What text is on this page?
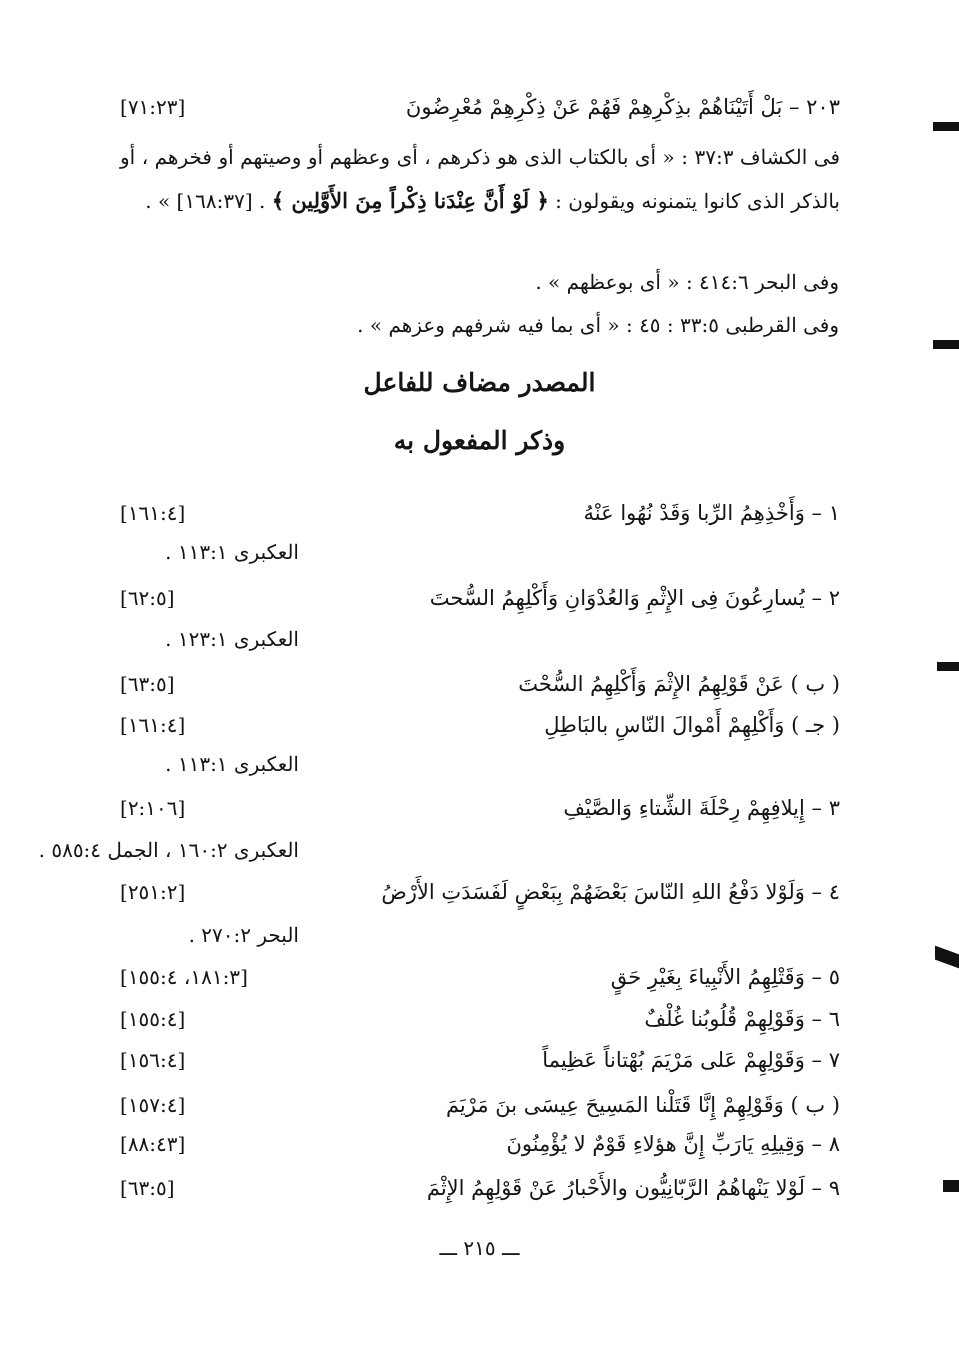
٢٠٣ – بَلْ أَتَيْنَاهُمْ بذِكْرِهِمْ فَهُمْ عَنْ ذِكْرِهِمْ مُعْرِضُونَ
[٧١:٢٣]
فى الكشاف ٣٧:٣ : « أى بالكتاب الذى هو ذكرهم ، أى وعظهم أو وصيتهم أو فخرهم ، أو بالذكر الذى كانوا يتمنونه ويقولون : ﴿ لَوْ أَنَّ عِنْدَنا ذِكْراً مِنَ الأَوَّلِين ﴾ . [١٦٨:٣٧] » .
وفى البحر ٤١٤:٦ : « أى بوعظهم » .
وفى القرطبى ٣٣:٥ : ٤٥ : « أى بما فيه شرفهم وعزهم » .
المصدر مضاف للفاعل
وذكر المفعول به
١ – وَأَخْذِهِمُ الرِّبا وَقَدْ نُهُوا عَنْهُ
[١٦١:٤]
العكبرى ١١٣:١ .
٢ – يُسارِعُونَ فِى الإِثْمِ وَالعُدْوَانِ وَأَكْلِهِمُ السُّحتَ
[٦٢:٥]
العكبرى ١٢٣:١ .
( ب ) عَنْ قَوْلِهِمُ الإِثْمَ وَأَكْلِهِمُ السُّحْتَ
[٦٣:٥]
( جـ ) وَأَكْلِهِمْ أَمْوالَ النّاسِ بالبَاطِلِ
[١٦١:٤]
العكبرى ١١٣:١ .
٣ – إِيلافِهِمْ رِحْلَةَ الشِّتاءِ وَالصَّيْفِ
[٢:١٠٦]
العكبرى ١٦٠:٢ ، الجمل ٥٨٥:٤ .
٤ – وَلَوْلا دَفْعُ اللهِ النّاسَ بَعْضَهُمْ بِبَعْضٍ لَفَسَدَتِ الأَرْضُ
[٢٥١:٢]
البحر ٢٧٠:٢ .
٥ – وَقَتْلِهِمُ الأَنْبِياءَ بِغَيْرِ حَقٍ
[١٨١:٣، ١٥٥:٤]
٦ – وَقَوْلِهِمْ قُلُوبُنا غُلْفٌ
[١٥٥:٤]
٧ – وَقَوْلِهِمْ عَلى مَرْيَمَ بُهْتاناً عَظِيماً
[١٥٦:٤]
( ب ) وَقَوْلِهِمْ إِنَّا قَتَلْنا المَسِيحَ عِيسَى بنَ مَرْيَمَ
[١٥٧:٤]
٨ – وَقِيلِهِ يَارَبِّ إِنَّ هؤلاءِ قَوْمٌ لا يُؤْمِنُونَ
[٨٨:٤٣]
٩ – لَوْلا يَنْهاهُمُ الرَّبّانِيُّون والأَحْبارُ عَنْ قَوْلِهِمُ الإِثْمَ
[٦٣:٥]
ـــ ٢١٥ ـــ
